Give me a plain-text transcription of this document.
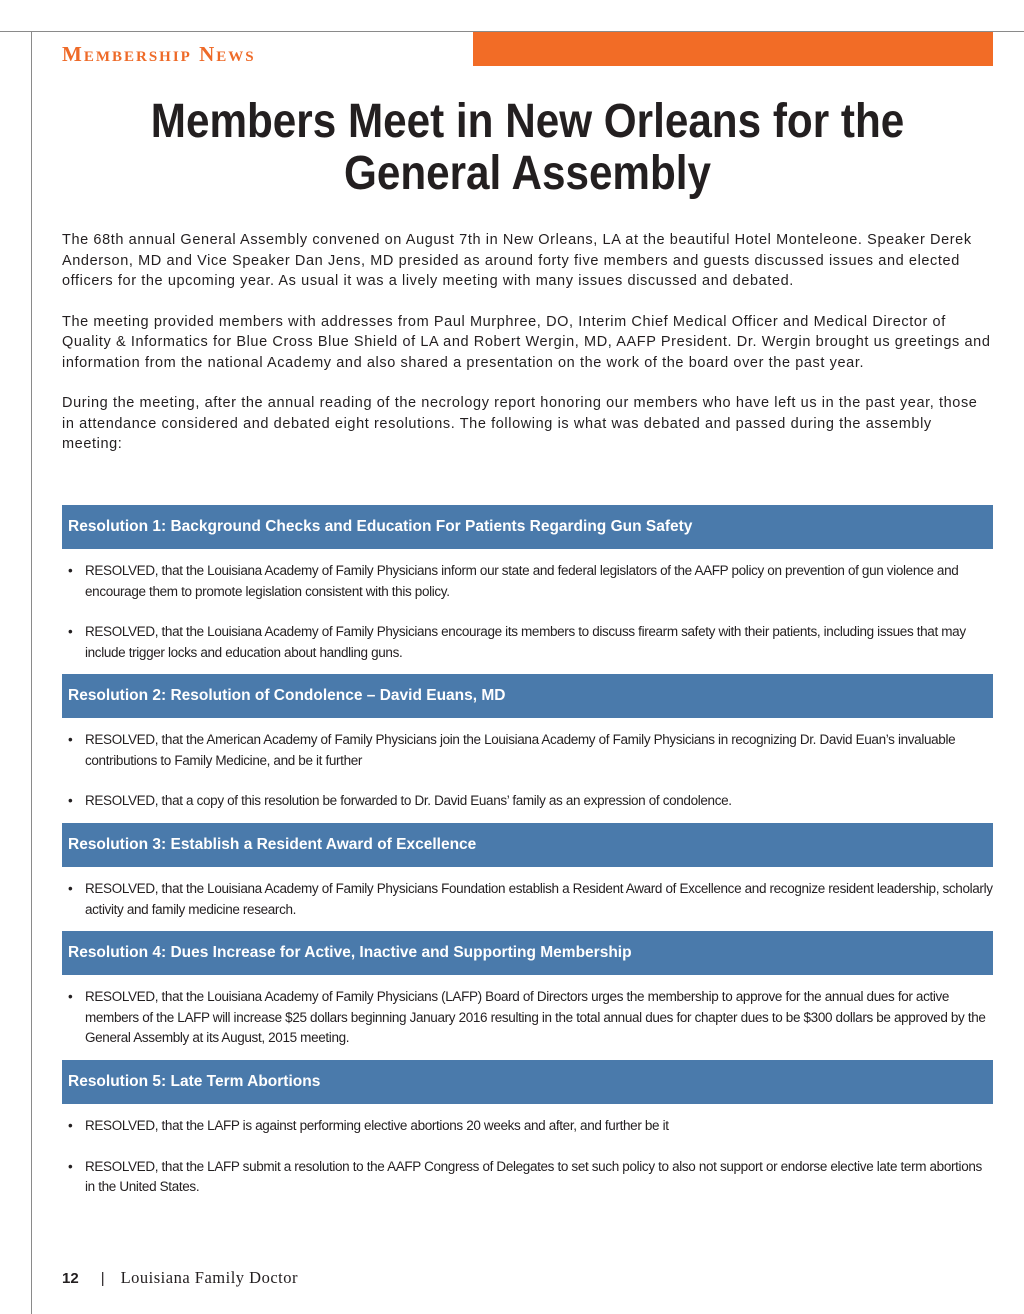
Membership News
Members Meet in New Orleans for the General Assembly

The 68th annual General Assembly convened on August 7th in New Orleans, LA at the beautiful Hotel Monteleone. Speaker Derek Anderson, MD and Vice Speaker Dan Jens, MD presided as around forty five members and guests discussed issues and elected officers for the upcoming year. As usual it was a lively meeting with many issues discussed and debated.

The meeting provided members with addresses from Paul Murphree, DO, Interim Chief Medical Officer and Medical Director of Quality & Informatics for Blue Cross Blue Shield of LA and Robert Wergin, MD, AAFP President. Dr. Wergin brought us greetings and information from the national Academy and also shared a presentation on the work of the board over the past year.

During the meeting, after the annual reading of the necrology report honoring our members who have left us in the past year, those in attendance considered and debated eight resolutions. The following is what was debated and passed during the assembly meeting:

Resolution 1: Background Checks and Education For Patients Regarding Gun Safety
• RESOLVED, that the Louisiana Academy of Family Physicians inform our state and federal legislators of the AAFP policy on prevention of gun violence and encourage them to promote legislation consistent with this policy.
• RESOLVED, that the Louisiana Academy of Family Physicians encourage its members to discuss firearm safety with their patients, including issues that may include trigger locks and education about handling guns.
Resolution 2: Resolution of Condolence – David Euans, MD
• RESOLVED, that the American Academy of Family Physicians join the Louisiana Academy of Family Physicians in recognizing Dr. David Euan’s invaluable contributions to Family Medicine, and be it further
• RESOLVED, that a copy of this resolution be forwarded to Dr. David Euans’ family as an expression of condolence.
Resolution 3: Establish a Resident Award of Excellence
• RESOLVED, that the Louisiana Academy of Family Physicians Foundation establish a Resident Award of Excellence and recognize resident leadership, scholarly activity and family medicine research.
Resolution 4: Dues Increase for Active, Inactive and Supporting Membership
• RESOLVED, that the Louisiana Academy of Family Physicians (LAFP) Board of Directors urges the membership to approve for the annual dues for active members of the LAFP will increase $25 dollars beginning January 2016 resulting in the total annual dues for chapter dues to be $300 dollars be approved by the General Assembly at its August, 2015 meeting.
Resolution 5: Late Term Abortions
• RESOLVED, that the LAFP is against performing elective abortions 20 weeks and after, and further be it
• RESOLVED, that the LAFP submit a resolution to the AAFP Congress of Delegates to set such policy to also not support or endorse elective late term abortions in the United States.
12 | Louisiana Family Doctor
